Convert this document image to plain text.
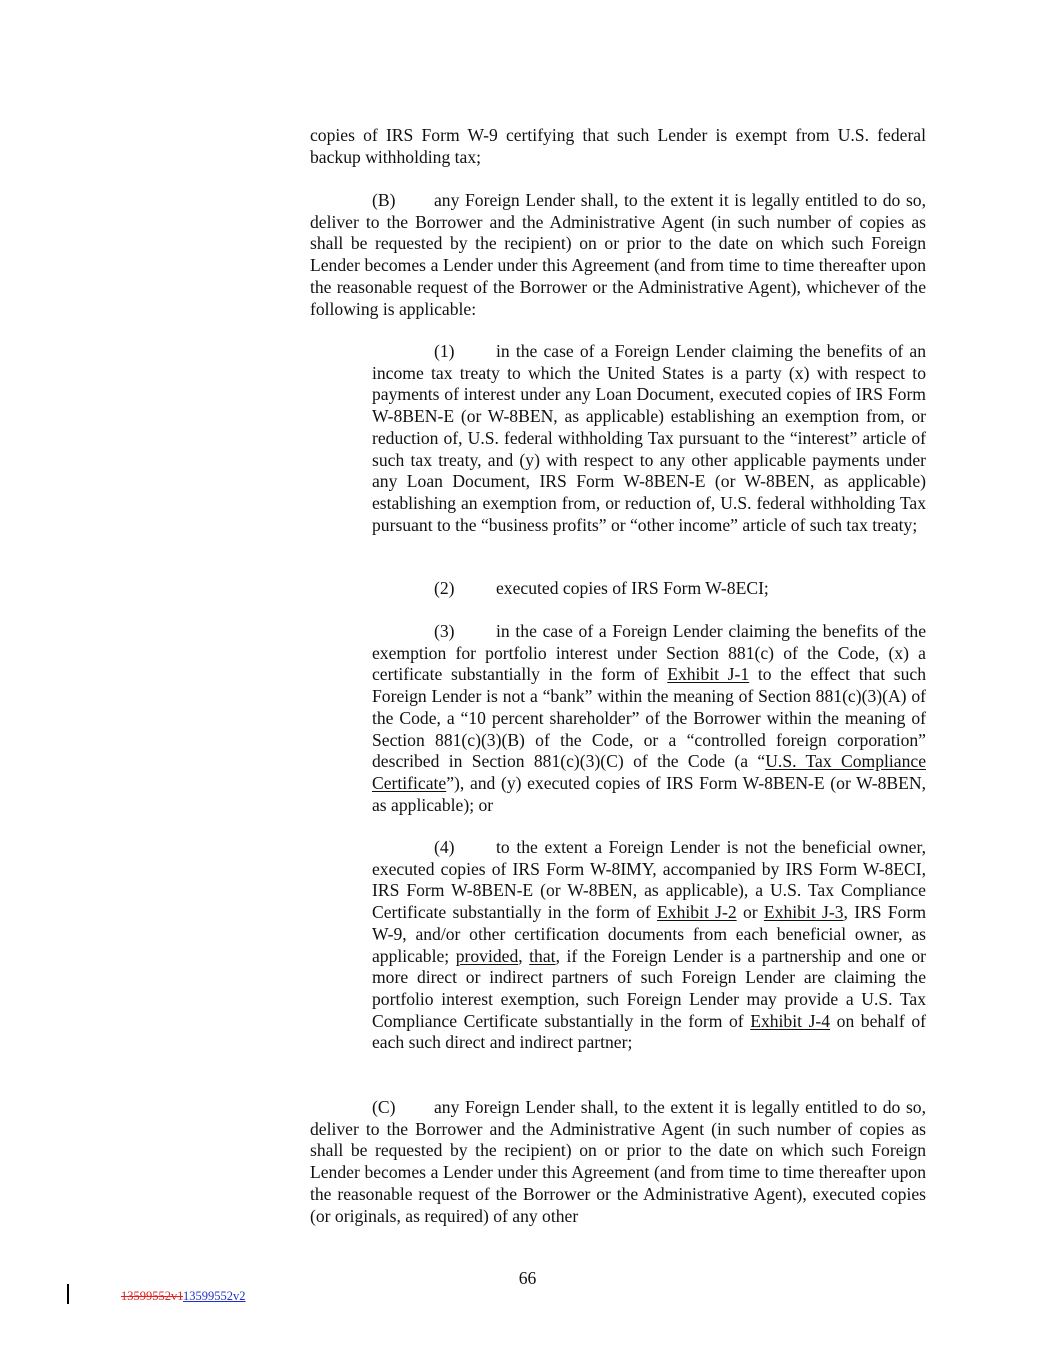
copies of IRS Form W-9 certifying that such Lender is exempt from U.S. federal backup withholding tax;

(B) any Foreign Lender shall, to the extent it is legally entitled to do so, deliver to the Borrower and the Administrative Agent (in such number of copies as shall be requested by the recipient) on or prior to the date on which such Foreign Lender becomes a Lender under this Agreement (and from time to time thereafter upon the reasonable request of the Borrower or the Administrative Agent), whichever of the following is applicable:

(1) in the case of a Foreign Lender claiming the benefits of an income tax treaty to which the United States is a party (x) with respect to payments of interest under any Loan Document, executed copies of IRS Form W-8BEN-E (or W-8BEN, as applicable) establishing an exemption from, or reduction of, U.S. federal withholding Tax pursuant to the “interest” article of such tax treaty, and (y) with respect to any other applicable payments under any Loan Document, IRS Form W-8BEN-E (or W-8BEN, as applicable) establishing an exemption from, or reduction of, U.S. federal withholding Tax pursuant to the “business profits” or “other income” article of such tax treaty;

(2) executed copies of IRS Form W-8ECI;

(3) in the case of a Foreign Lender claiming the benefits of the exemption for portfolio interest under Section 881(c) of the Code, (x) a certificate substantially in the form of Exhibit J-1 to the effect that such Foreign Lender is not a “bank” within the meaning of Section 881(c)(3)(A) of the Code, a “10 percent shareholder” of the Borrower within the meaning of Section 881(c)(3)(B) of the Code, or a “controlled foreign corporation” described in Section 881(c)(3)(C) of the Code (a “U.S. Tax Compliance Certificate”), and (y) executed copies of IRS Form W-8BEN-E (or W-8BEN, as applicable); or

(4) to the extent a Foreign Lender is not the beneficial owner, executed copies of IRS Form W-8IMY, accompanied by IRS Form W-8ECI, IRS Form W-8BEN-E (or W-8BEN, as applicable), a U.S. Tax Compliance Certificate substantially in the form of Exhibit J-2 or Exhibit J-3, IRS Form W-9, and/or other certification documents from each beneficial owner, as applicable; provided, that, if the Foreign Lender is a partnership and one or more direct or indirect partners of such Foreign Lender are claiming the portfolio interest exemption, such Foreign Lender may provide a U.S. Tax Compliance Certificate substantially in the form of Exhibit J-4 on behalf of each such direct and indirect partner;

(C) any Foreign Lender shall, to the extent it is legally entitled to do so, deliver to the Borrower and the Administrative Agent (in such number of copies as shall be requested by the recipient) on or prior to the date on which such Foreign Lender becomes a Lender under this Agreement (and from time to time thereafter upon the reasonable request of the Borrower or the Administrative Agent), executed copies (or originals, as required) of any other

66
13599552v113599552v2
